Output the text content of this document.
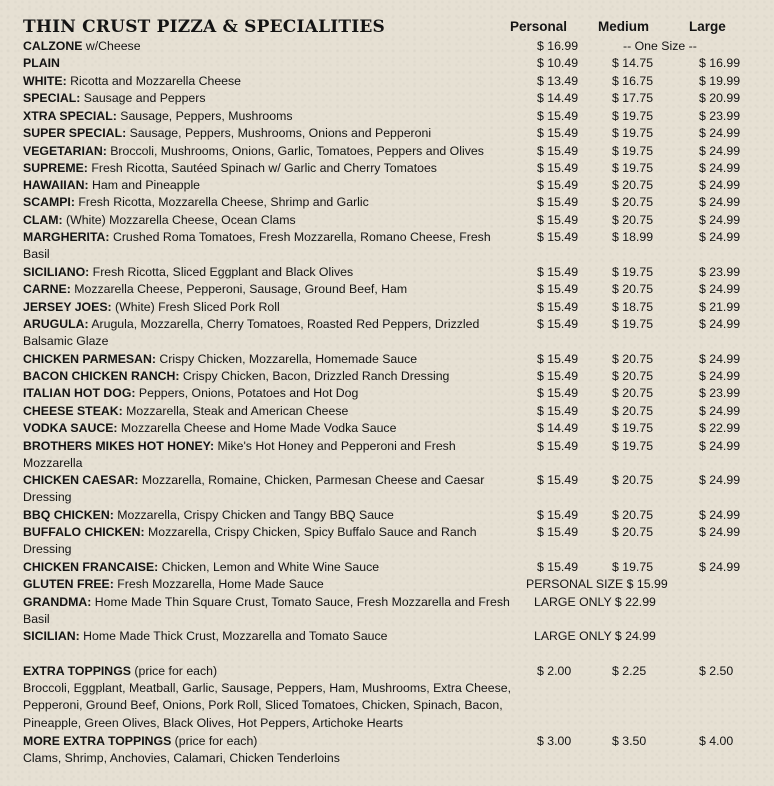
THIN CRUST PIZZA & SPECIALITIES	Personal Medium	Large
CALZONE w/Cheese	$ 16.99	-- One Size --
PLAIN	$ 10.49	$ 14.75	$ 16.99
WHITE: Ricotta and Mozzarella Cheese	$ 13.49	$ 16.75	$ 19.99
SPECIAL: Sausage and Peppers	$ 14.49	$ 17.75	$ 20.99
XTRA SPECIAL: Sausage, Peppers, Mushrooms	$ 15.49	$ 19.75	$ 23.99
SUPER SPECIAL: Sausage, Peppers, Mushrooms, Onions and Pepperoni	$ 15.49	$ 19.75	$ 24.99
VEGETARIAN: Broccoli, Mushrooms, Onions, Garlic, Tomatoes, Peppers and Olives	$ 15.49	$ 19.75	$ 24.99
SUPREME: Fresh Ricotta, Sautéed Spinach w/ Garlic and Cherry Tomatoes	$ 15.49	$ 19.75	$ 24.99
HAWAIIAN: Ham and Pineapple	$ 15.49	$ 20.75	$ 24.99
SCAMPI: Fresh Ricotta, Mozzarella Cheese, Shrimp and Garlic	$ 15.49	$ 20.75	$ 24.99
CLAM: (White) Mozzarella Cheese, Ocean Clams	$ 15.49	$ 20.75	$ 24.99
MARGHERITA: Crushed Roma Tomatoes, Fresh Mozzarella, Romano Cheese, Fresh Basil
$ 15.49	$ 18.99	$ 24.99
SICILIANO: Fresh Ricotta, Sliced Eggplant and Black Olives	$ 15.49	$ 19.75	$ 23.99
CARNE: Mozzarella Cheese, Pepperoni, Sausage, Ground Beef, Ham	$ 15.49	$ 20.75	$ 24.99
JERSEY JOES: (White) Fresh Sliced Pork Roll	$ 15.49	$ 18.75	$ 21.99
ARUGULA: Arugula, Mozzarella, Cherry Tomatoes, Roasted Red Peppers, Drizzled Balsamic Glaze
$ 15.49	$ 19.75	$ 24.99
CHICKEN PARMESAN: Crispy Chicken, Mozzarella, Homemade Sauce	$ 15.49	$ 20.75	$ 24.99
BACON CHICKEN RANCH: Crispy Chicken, Bacon, Drizzled Ranch Dressing	$ 15.49	$ 20.75	$ 24.99
ITALIAN HOT DOG: Peppers, Onions, Potatoes and Hot Dog	$ 15.49	$ 20.75	$ 23.99
CHEESE STEAK: Mozzarella, Steak and American Cheese	$ 15.49	$ 20.75	$ 24.99
VODKA SAUCE: Mozzarella Cheese and Home Made Vodka Sauce	$ 14.49	$ 19.75	$ 22.99
BROTHERS MIKES HOT HONEY: Mike's Hot Honey and Pepperoni and Fresh Mozzarella
$ 15.49	$ 19.75	$ 24.99
CHICKEN CAESAR: Mozzarella, Romaine, Chicken, Parmesan Cheese and Caesar Dressing
$ 15.49	$ 20.75	$ 24.99
BBQ CHICKEN: Mozzarella, Crispy Chicken and Tangy BBQ Sauce	$ 15.49	$ 20.75	$ 24.99
BUFFALO CHICKEN: Mozzarella, Crispy Chicken, Spicy Buffalo Sauce and Ranch Dressing
$ 15.49	$ 20.75	$ 24.99
CHICKEN FRANCAISE: Chicken, Lemon and White Wine Sauce	$ 15.49	$ 19.75	$ 24.99
GLUTEN FREE: Fresh Mozzarella, Home Made Sauce	PERSONAL SIZE $ 15.99
GRANDMA: Home Made Thin Square Crust, Tomato Sauce, Fresh Mozzarella and Fresh Basil
LARGE ONLY $ 22.99
SICILIAN: Home Made Thick Crust, Mozzarella and Tomato Sauce	LARGE ONLY $ 24.99
EXTRA TOPPINGS (price for each)	$ 2.00	$ 2.25	$ 2.50
Broccoli, Eggplant, Meatball, Garlic, Sausage, Peppers, Ham, Mushrooms, Extra Cheese, Pepperoni, Ground Beef, Onions, Pork Roll, Sliced Tomatoes, Chicken, Spinach, Bacon, Pineapple, Green Olives, Black Olives, Hot Peppers, Artichoke Hearts
MORE EXTRA TOPPINGS (price for each)	$ 3.00	$ 3.50	$ 4.00
Clams, Shrimp, Anchovies, Calamari, Chicken Tenderloins
